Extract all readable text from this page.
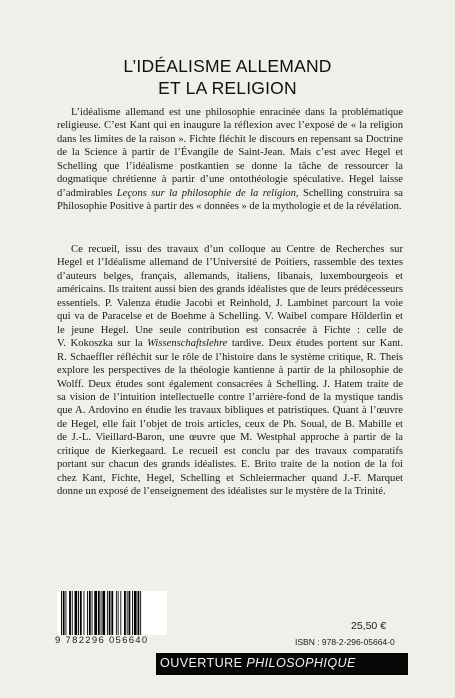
L’IDÉALISME ALLEMAND
ET LA RELIGION
L’idéalisme allemand est une philosophie enracinée dans la problématique
religieuse. C’est Kant qui en inaugure la réflexion avec l’exposé de « la religion
dans les limites de la raison ». Fichte fléchit le discours en repensant sa Doctrine
de la Science à partir de l’Évangile de Saint-Jean. Mais c’est avec Hegel et
Schelling que l’idéalisme postkantien se donne la tâche de ressourcer la
dogmatique chrétienne à partir d’une ontothéologie spéculative. Hegel laisse
d’admirables Leçons sur la philosophie de la religion, Schelling construira sa
Philosophie Positive à partir des « données » de la mythologie et de la révélation.
Ce recueil, issu des travaux d’un colloque au Centre de Recherches sur
Hegel et l’Idéalisme allemand de l’Université de Poitiers, rassemble des textes
d’auteurs belges, français, allemands, italiens, libanais, luxembourgeois et
américains. Ils traitent aussi bien des grands idéalistes que de leurs prédécesseurs
essentiels. P. Valenza étudie Jacobi et Reinhold, J. Lambinet parcourt la voie
qui va de Paracelse et de Boehme à Schelling. V. Waibel compare Hölderlin et
le jeune Hegel. Une seule contribution est consacrée à Fichte : celle de
V. Kokoszka sur la Wissenschaftslehre tardive. Deux études portent sur Kant.
R. Schaeffler réfléchit sur le rôle de l’histoire dans le système critique, R. Theis
explore les perspectives de la théologie kantienne à partir de la philosophie de
Wolff. Deux études sont également consacrées à Schelling. J. Hatem traite de
sa vision de l’intuition intellectuelle contre l’arrière-fond de la mystique tandis
que A. Ardovino en étudie les travaux bibliques et patristiques. Quant à l’œuvre
de Hegel, elle fait l’objet de trois articles, ceux de Ph. Soual, de B. Mabille et
de J.-L. Vieillard-Baron, une œuvre que M. Westphal approche à partir de la
critique de Kierkegaard. Le recueil est conclu par des travaux comparatifs
portant sur chacun des grands idéalistes. E. Brito traite de la notion de la foi
chez Kant, Fichte, Hegel, Schelling et Schleiermacher quand J.-F. Marquet
donne un exposé de l’enseignement des idéalistes sur le mystère de la Trinité.
9 782296 056640
25,50 €
ISBN : 978-2-296-05664-0
OUVERTURE PHILOSOPHIQUE
